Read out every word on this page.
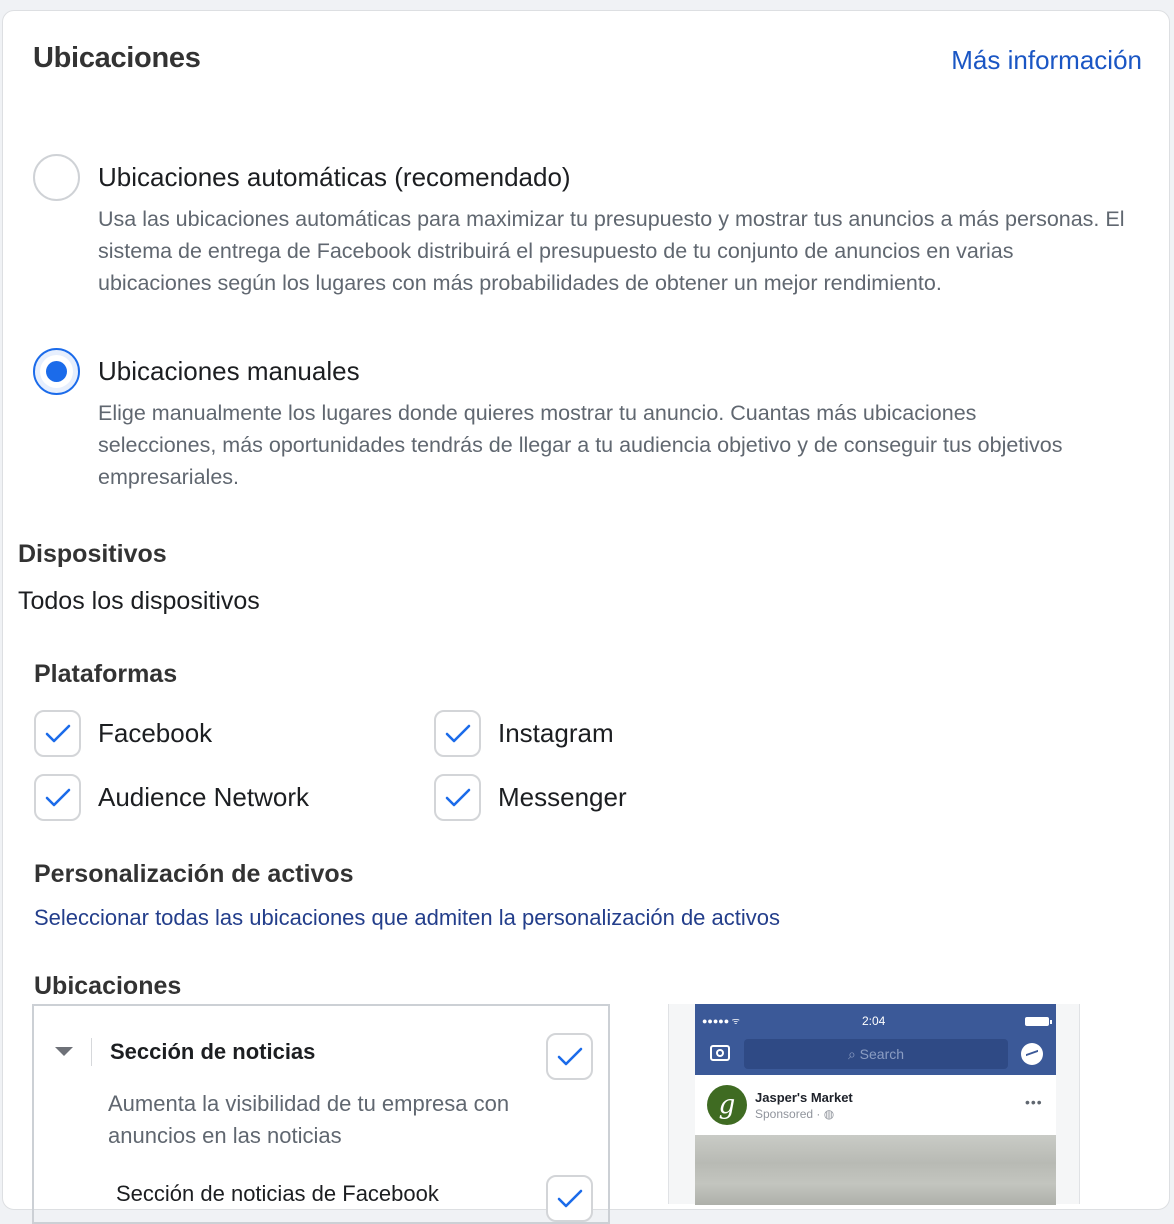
Ubicaciones	Más información
Ubicaciones automáticas (recomendado)
Usa las ubicaciones automáticas para maximizar tu presupuesto y mostrar tus anuncios a más personas. El sistema de entrega de Facebook distribuirá el presupuesto de tu conjunto de anuncios en varias ubicaciones según los lugares con más probabilidades de obtener un mejor rendimiento.
Ubicaciones manuales
Elige manualmente los lugares donde quieres mostrar tu anuncio. Cuantas más ubicaciones selecciones, más oportunidades tendrás de llegar a tu audiencia objetivo y de conseguir tus objetivos empresariales.
Dispositivos
Todos los dispositivos
Plataformas
Facebook	Instagram
Audience Network	Messenger
Personalización de activos
Seleccionar todas las ubicaciones que admiten la personalización de activos
Ubicaciones
Sección de noticias
Aumenta la visibilidad de tu empresa con anuncios en las noticias
Sección de noticias de Facebook
●●●●● ᯤ	2:04
⌕ Search
g	Jasper's Market
Sponsored · ◍
•••
